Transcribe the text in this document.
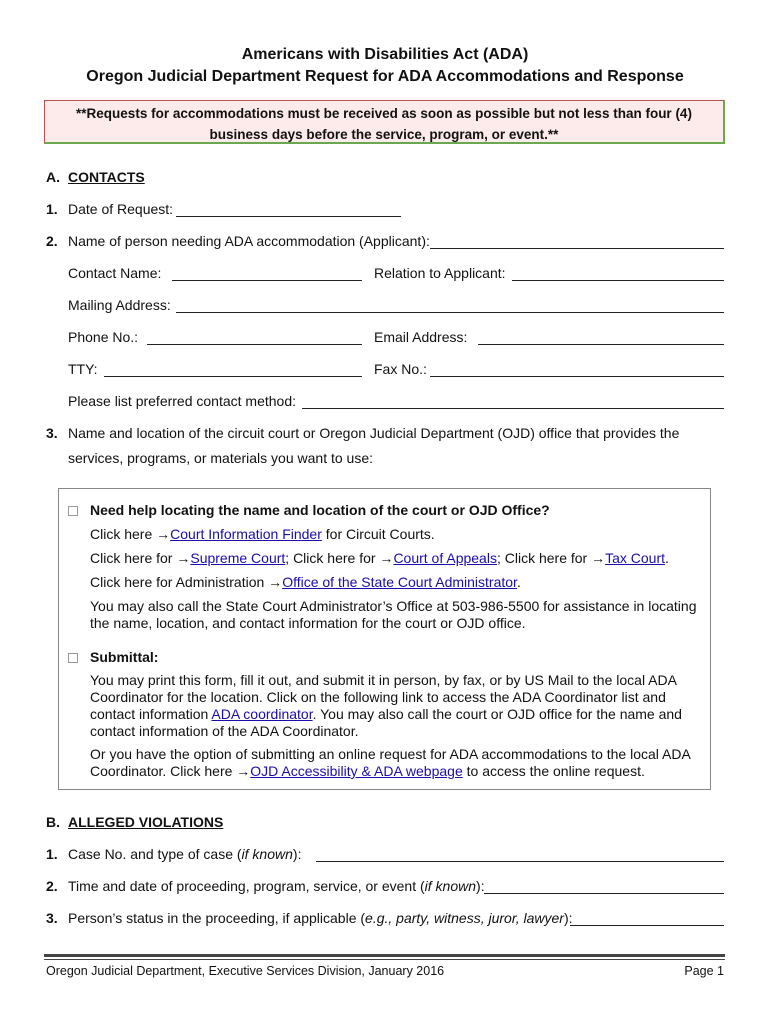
Americans with Disabilities Act (ADA)
Oregon Judicial Department Request for ADA Accommodations and Response

**Requests for accommodations must be received as soon as possible but not less than four (4)

business days before the service, program, or event.**

A. CONTACTS
1. Date of Request:
2. Name of person needing ADA accommodation (Applicant):
Contact Name:	Relation to Applicant:
Mailing Address:
Phone No.:	Email Address:
TTY:	Fax No.:
Please list preferred contact method:
3. Name and location of the circuit court or Oregon Judicial Department (OJD) office that provides the
services, programs, or materials you want to use:
Need help locating the name and location of the court or OJD Office?
Click here →Court Information Finder for Circuit Courts.
Click here for →Supreme Court; Click here for →Court of Appeals; Click here for →Tax Court.
Click here for Administration →Office of the State Court Administrator.
You may also call the State Court Administrator’s Office at 503-986-5500 for assistance in locating
the name, location, and contact information for the court or OJD office.
Submittal:
You may print this form, fill it out, and submit it in person, by fax, or by US Mail to the local ADA
Coordinator for the location. Click on the following link to access the ADA Coordinator list and
contact information ADA coordinator. You may also call the court or OJD office for the name and
contact information of the ADA Coordinator.
Or you have the option of submitting an online request for ADA accommodations to the local ADA
Coordinator. Click here →OJD Accessibility & ADA webpage to access the online request.
B. ALLEGED VIOLATIONS
1. Case No. and type of case (if known):
2. Time and date of proceeding, program, service, or event (if known):
3. Person’s status in the proceeding, if applicable (e.g., party, witness, juror, lawyer):
Oregon Judicial Department, Executive Services Division, January 2016	Page 1
